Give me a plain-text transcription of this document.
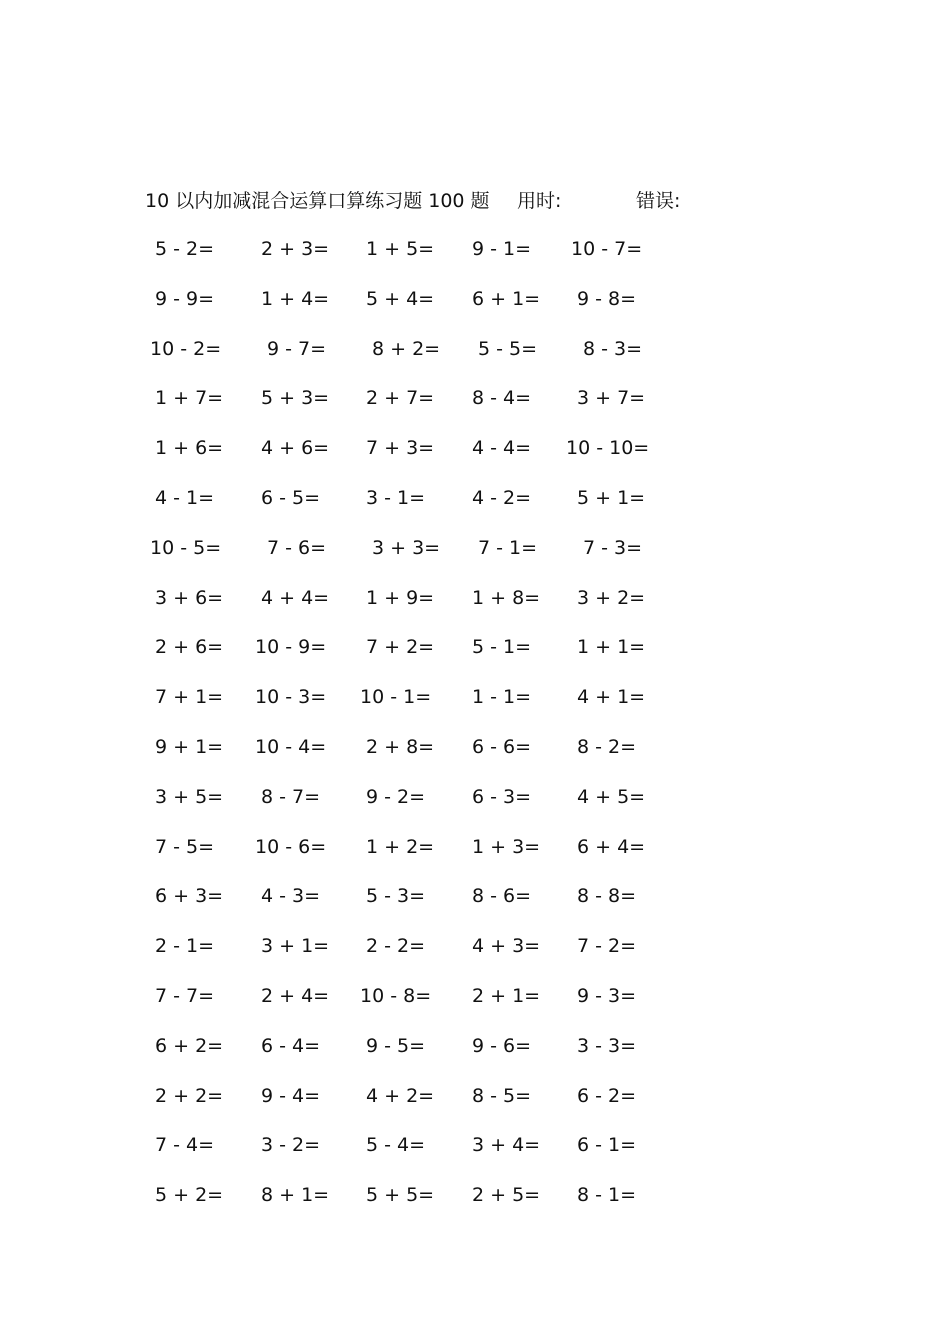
10 以内加减混合运算口算练习题 100 题 用时:	错误:
5 - 2= 2 + 3= 1 + 5= 9 - 1= 10 - 7=
9 - 9= 1 + 4= 5 + 4= 6 + 1= 9 - 8=
10 - 2= 9 - 7= 8 + 2= 5 - 5= 8 - 3=
1 + 7= 5 + 3= 2 + 7= 8 - 4= 3 + 7=
1 + 6= 4 + 6= 7 + 3= 4 - 4= 10 - 10=
4 - 1= 6 - 5= 3 - 1= 4 - 2= 5 + 1=
10 - 5= 7 - 6= 3 + 3= 7 - 1= 7 - 3=
3 + 6= 4 + 4= 1 + 9= 1 + 8= 3 + 2=
2 + 6= 10 - 9= 7 + 2= 5 - 1= 1 + 1=
7 + 1= 10 - 3= 10 - 1= 1 - 1= 4 + 1=
9 + 1= 10 - 4= 2 + 8= 6 - 6= 8 - 2=
3 + 5= 8 - 7= 9 - 2= 6 - 3= 4 + 5=
7 - 5= 10 - 6= 1 + 2= 1 + 3= 6 + 4=
6 + 3= 4 - 3= 5 - 3= 8 - 6= 8 - 8=
2 - 1= 3 + 1= 2 - 2= 4 + 3= 7 - 2=
7 - 7= 2 + 4= 10 - 8= 2 + 1= 9 - 3=
6 + 2= 6 - 4= 9 - 5= 9 - 6= 3 - 3=
2 + 2= 9 - 4= 4 + 2= 8 - 5= 6 - 2=
7 - 4= 3 - 2= 5 - 4= 3 + 4= 6 - 1=
5 + 2= 8 + 1= 5 + 5= 2 + 5= 8 - 1=
